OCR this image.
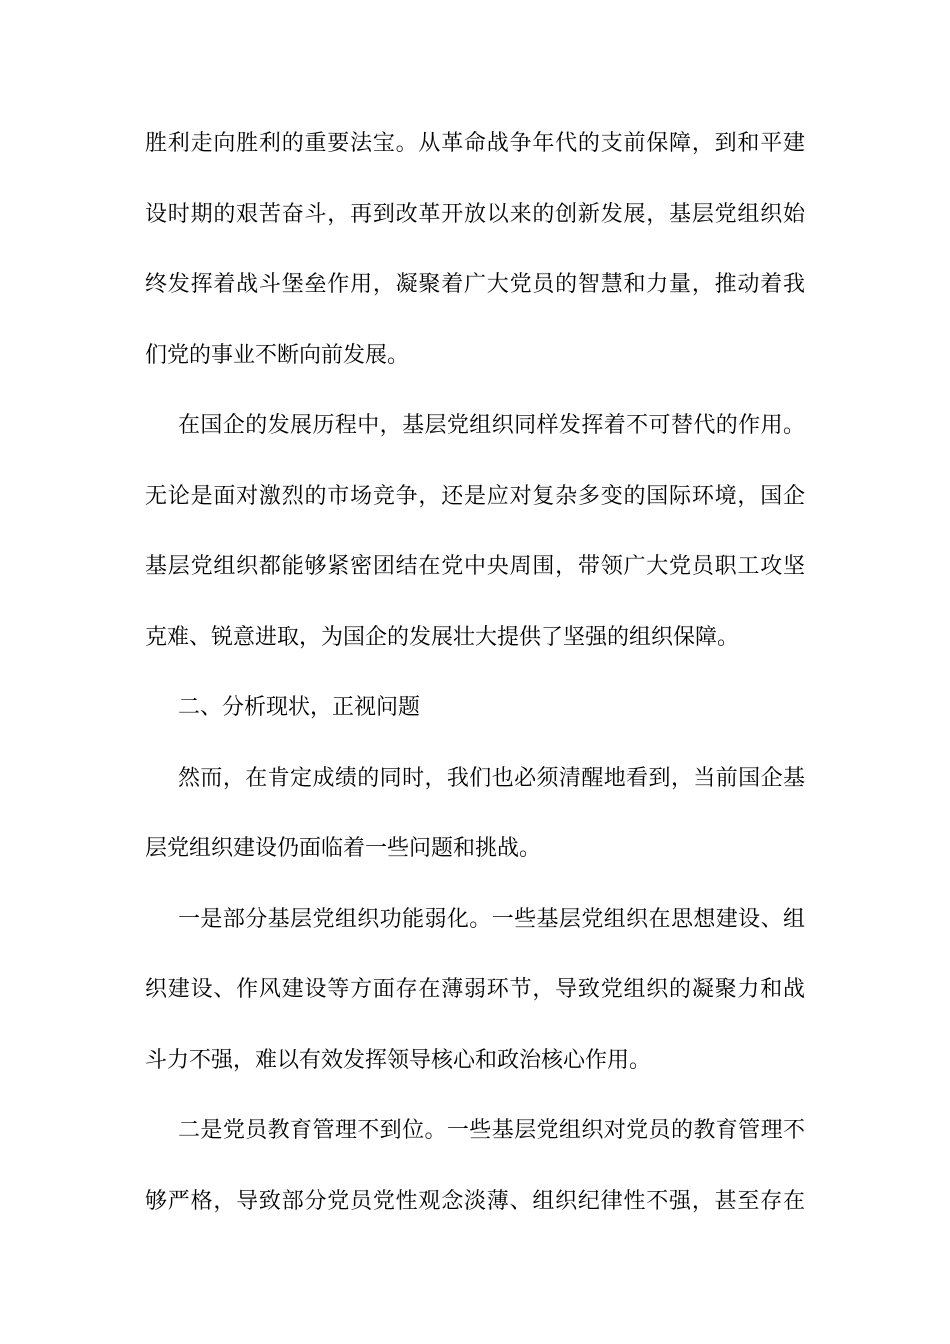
胜利走向胜利的重要法宝。从革命战争年代的支前保障，到和平建
设时期的艰苦奋斗，再到改革开放以来的创新发展，基层党组织始
终发挥着战斗堡垒作用，凝聚着广大党员的智慧和力量，推动着我
们党的事业不断向前发展。
在国企的发展历程中，基层党组织同样发挥着不可替代的作用。
无论是面对激烈的市场竞争，还是应对复杂多变的国际环境，国企
基层党组织都能够紧密团结在党中央周围，带领广大党员职工攻坚
克难、锐意进取，为国企的发展壮大提供了坚强的组织保障。
二、分析现状，正视问题
然而，在肯定成绩的同时，我们也必须清醒地看到，当前国企基
层党组织建设仍面临着一些问题和挑战。
一是部分基层党组织功能弱化。一些基层党组织在思想建设、组
织建设、作风建设等方面存在薄弱环节，导致党组织的凝聚力和战
斗力不强，难以有效发挥领导核心和政治核心作用。
二是党员教育管理不到位。一些基层党组织对党员的教育管理不
够严格，导致部分党员党性观念淡薄、组织纪律性不强，甚至存在
